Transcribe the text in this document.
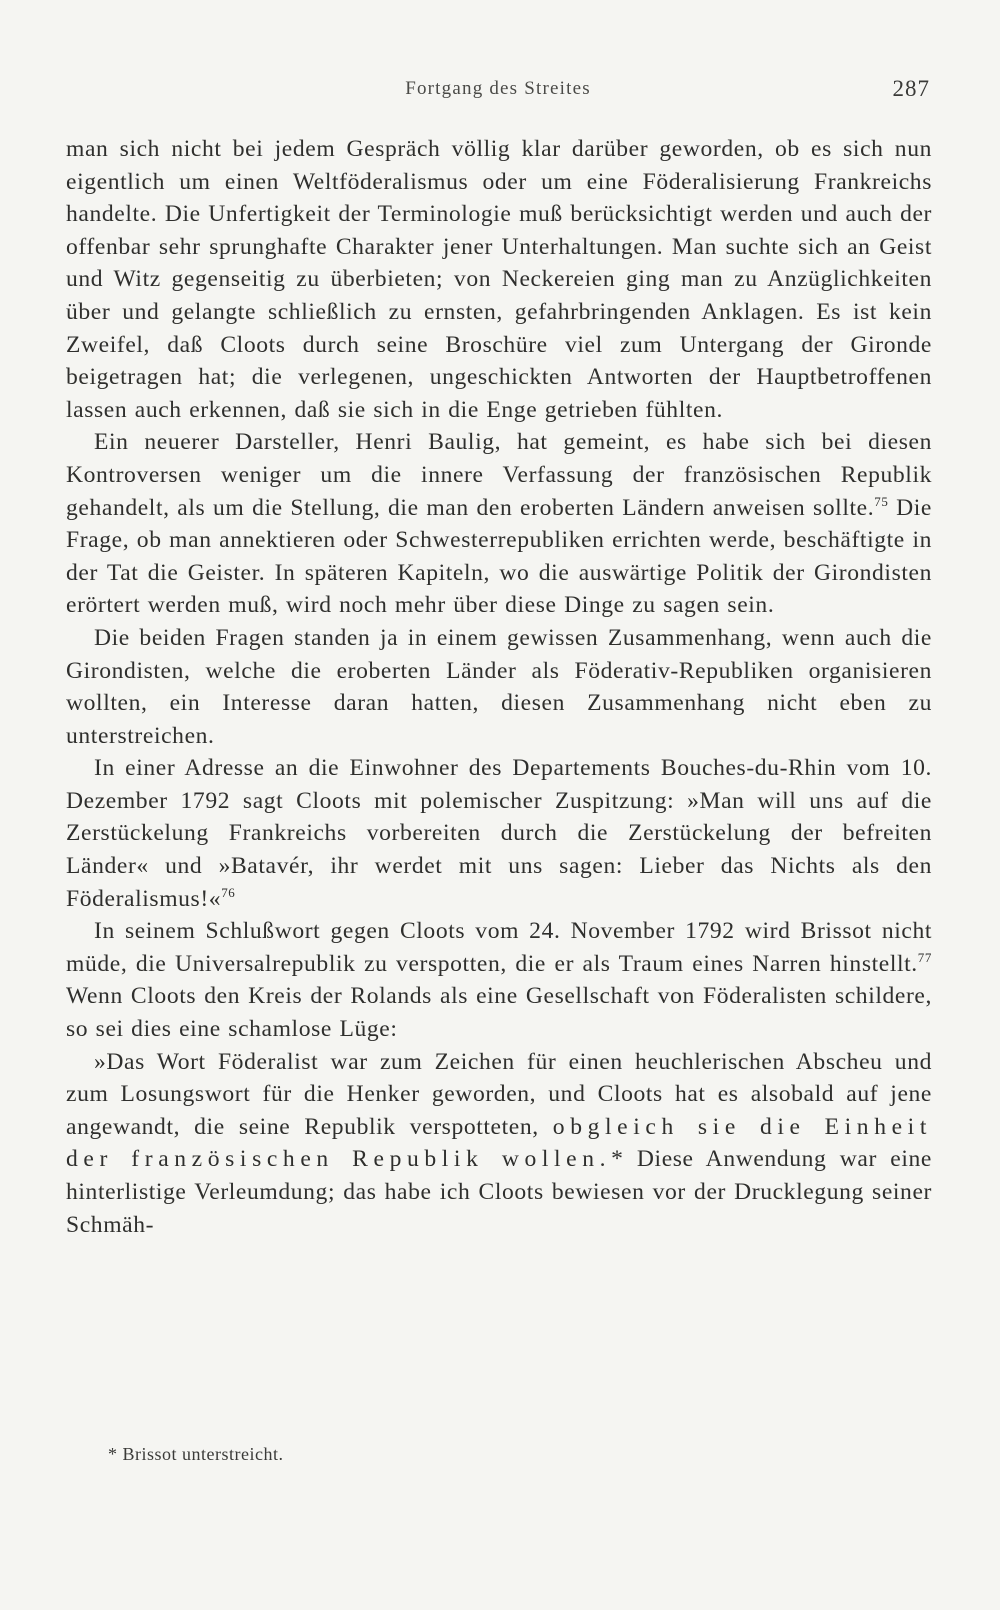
Fortgang des Streites	287

man sich nicht bei jedem Gespräch völlig klar darüber geworden, ob es sich nun eigentlich um einen Weltföderalismus oder um eine Föderalisierung Frankreichs handelte. Die Unfertigkeit der Terminologie muß berücksichtigt werden und auch der offenbar sehr sprunghafte Charakter jener Unterhaltungen. Man suchte sich an Geist und Witz gegenseitig zu überbieten; von Neckereien ging man zu Anzüglichkeiten über und gelangte schließlich zu ernsten, gefahrbringenden Anklagen. Es ist kein Zweifel, daß Cloots durch seine Broschüre viel zum Untergang der Gironde beigetragen hat; die verlegenen, ungeschickten Antworten der Hauptbetroffenen lassen auch erkennen, daß sie sich in die Enge getrieben fühlten.

Ein neuerer Darsteller, Henri Baulig, hat gemeint, es habe sich bei diesen Kontroversen weniger um die innere Verfassung der französischen Republik gehandelt, als um die Stellung, die man den eroberten Ländern anweisen sollte.$^{75}$ Die Frage, ob man annektieren oder Schwesterrepubliken errichten werde, beschäftigte in der Tat die Geister. In späteren Kapiteln, wo die auswärtige Politik der Girondisten erörtert werden muß, wird noch mehr über diese Dinge zu sagen sein.

Die beiden Fragen standen ja in einem gewissen Zusammenhang, wenn auch die Girondisten, welche die eroberten Länder als Föderativ-Republiken organisieren wollten, ein Interesse daran hatten, diesen Zusammenhang nicht eben zu unterstreichen.

In einer Adresse an die Einwohner des Departements Bouches-du-Rhin vom 10. Dezember 1792 sagt Cloots mit polemischer Zuspitzung: »Man will uns auf die Zerstückelung Frankreichs vorbereiten durch die Zerstückelung der befreiten Länder« und »Batavér, ihr werdet mit uns sagen: Lieber das Nichts als den Föderalismus!«$^{76}$

In seinem Schlußwort gegen Cloots vom 24. November 1792 wird Brissot nicht müde, die Universalrepublik zu verspotten, die er als Traum eines Narren hinstellt.$^{77}$ Wenn Cloots den Kreis der Rolands als eine Gesellschaft von Föderalisten schildere, so sei dies eine schamlose Lüge:

»Das Wort Föderalist war zum Zeichen für einen heuchlerischen Abscheu und zum Losungswort für die Henker geworden, und Cloots hat es alsobald auf jene angewandt, die seine Republik verspotteten, obgleich sie die Einheit der französischen Republik wollen.* Diese Anwendung war eine hinterlistige Verleumdung; das habe ich Cloots bewiesen vor der Drucklegung seiner Schmäh-

* Brissot unterstreicht.
